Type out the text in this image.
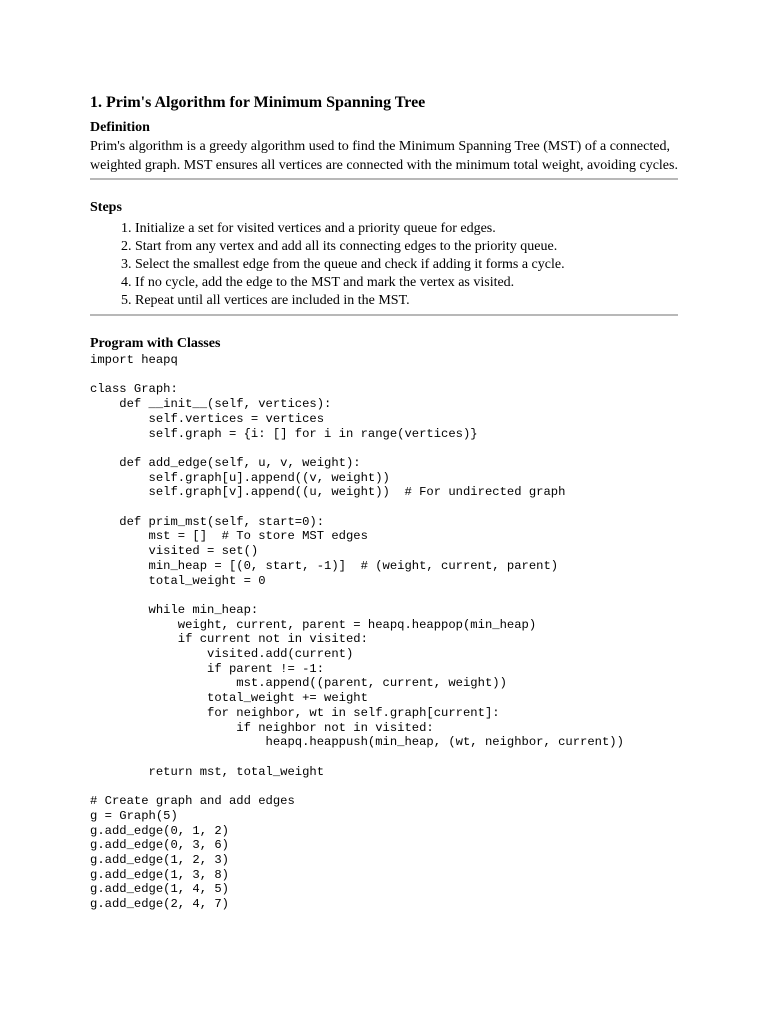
1. Prim's Algorithm for Minimum Spanning Tree
Definition

Prim's algorithm is a greedy algorithm used to find the Minimum Spanning Tree (MST) of a connected, weighted graph. MST ensures all vertices are connected with the minimum total weight, avoiding cycles.

Steps
1. Initialize a set for visited vertices and a priority queue for edges.
2. Start from any vertex and add all its connecting edges to the priority queue.
3. Select the smallest edge from the queue and check if adding it forms a cycle.
4. If no cycle, add the edge to the MST and mark the vertex as visited.
5. Repeat until all vertices are included in the MST.
Program with Classes
import heapq

class Graph:
def __init__(self, vertices):
self.vertices = vertices
self.graph = {i: [] for i in range(vertices)}

def add_edge(self, u, v, weight):
self.graph[u].append((v, weight))
self.graph[v].append((u, weight))  # For undirected graph

def prim_mst(self, start=0):
mst = []  # To store MST edges
visited = set()
min_heap = [(0, start, -1)]  # (weight, current, parent)
total_weight = 0

while min_heap:
weight, current, parent = heapq.heappop(min_heap)
if current not in visited:
visited.add(current)
if parent != -1:
mst.append((parent, current, weight))
total_weight += weight
for neighbor, wt in self.graph[current]:
if neighbor not in visited:
heapq.heappush(min_heap, (wt, neighbor, current))

return mst, total_weight

# Create graph and add edges
g = Graph(5)
g.add_edge(0, 1, 2)
g.add_edge(0, 3, 6)
g.add_edge(1, 2, 3)
g.add_edge(1, 3, 8)
g.add_edge(1, 4, 5)
g.add_edge(2, 4, 7)
